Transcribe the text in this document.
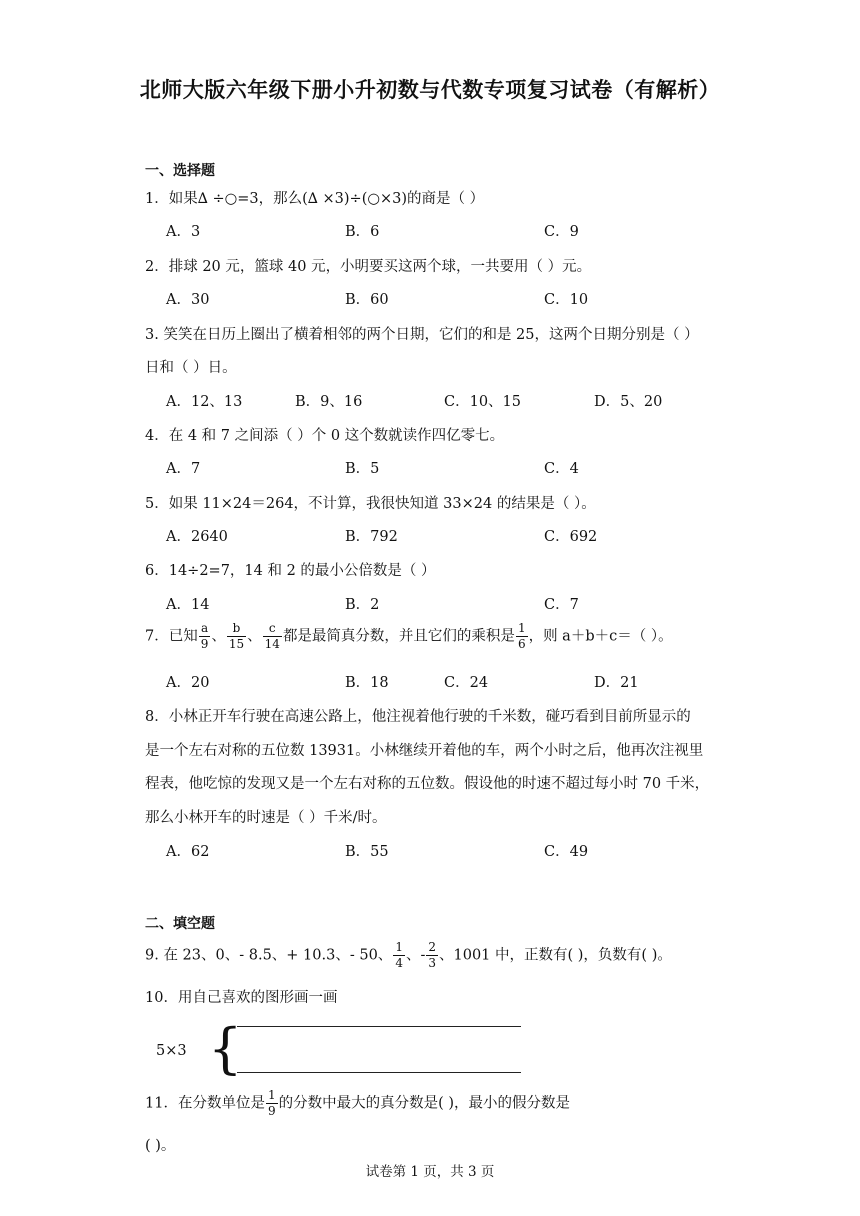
北师大版六年级下册小升初数与代数专项复习试卷（有解析）
一、选择题
1．如果∆ ÷○=3，那么(∆ ×3)÷(○×3)的商是（ ）
A．3	B．6	C．9
2．排球 20 元，篮球 40 元，小明要买这两个球，一共要用（ ）元。
A．30	B．60	C．10
3. 笑笑在日历上圈出了横着相邻的两个日期，它们的和是 25，这两个日期分别是（ ）
日和（ ）日。
A．12、13	B．9、16	C．10、15	D．5、20
4．在 4 和 7 之间添（ ）个 0 这个数就读作四亿零七。
A．7	B．5	C．4
5．如果 11×24＝264，不计算，我很快知道 33×24 的结果是（ ）。
A．2640	B．792	C．692
6．14÷2=7，14 和 2 的最小公倍数是（ ）
A．14	B．2	C．7
7．已知 $\frac{a}{9}$ 、 $\frac{b}{15}$ 、 $\frac{c}{14}$ 都是最简真分数，并且它们的乘积是 $\frac{1}{6}$ ，则 a＋b＋c＝（ ）。
A．20	B．18	C．24	D．21
8．小林正开车行驶在高速公路上，他注视着他行驶的千米数，碰巧看到目前所显示的
是一个左右对称的五位数 13931。小林继续开着他的车，两个小时之后，他再次注视里
程表，他吃惊的发现又是一个左右对称的五位数。假设他的时速不超过每小时 70 千米，
那么小林开车的时速是（ ）千米/时。
A．62	B．55	C．49
二、填空题
9. 在 23、0、- 8.5、+ 10.3、- 50、 $\frac{1}{4}$ 、- $\frac{2}{3}$ 、1001 中，正数有( )，负数有( )。
10．用自己喜欢的图形画一画
5×3 {
11．在分数单位是 $\frac{1}{9}$ 的分数中最大的真分数是( )，最小的假分数是
( )。
试卷第 1 页，共 3 页
